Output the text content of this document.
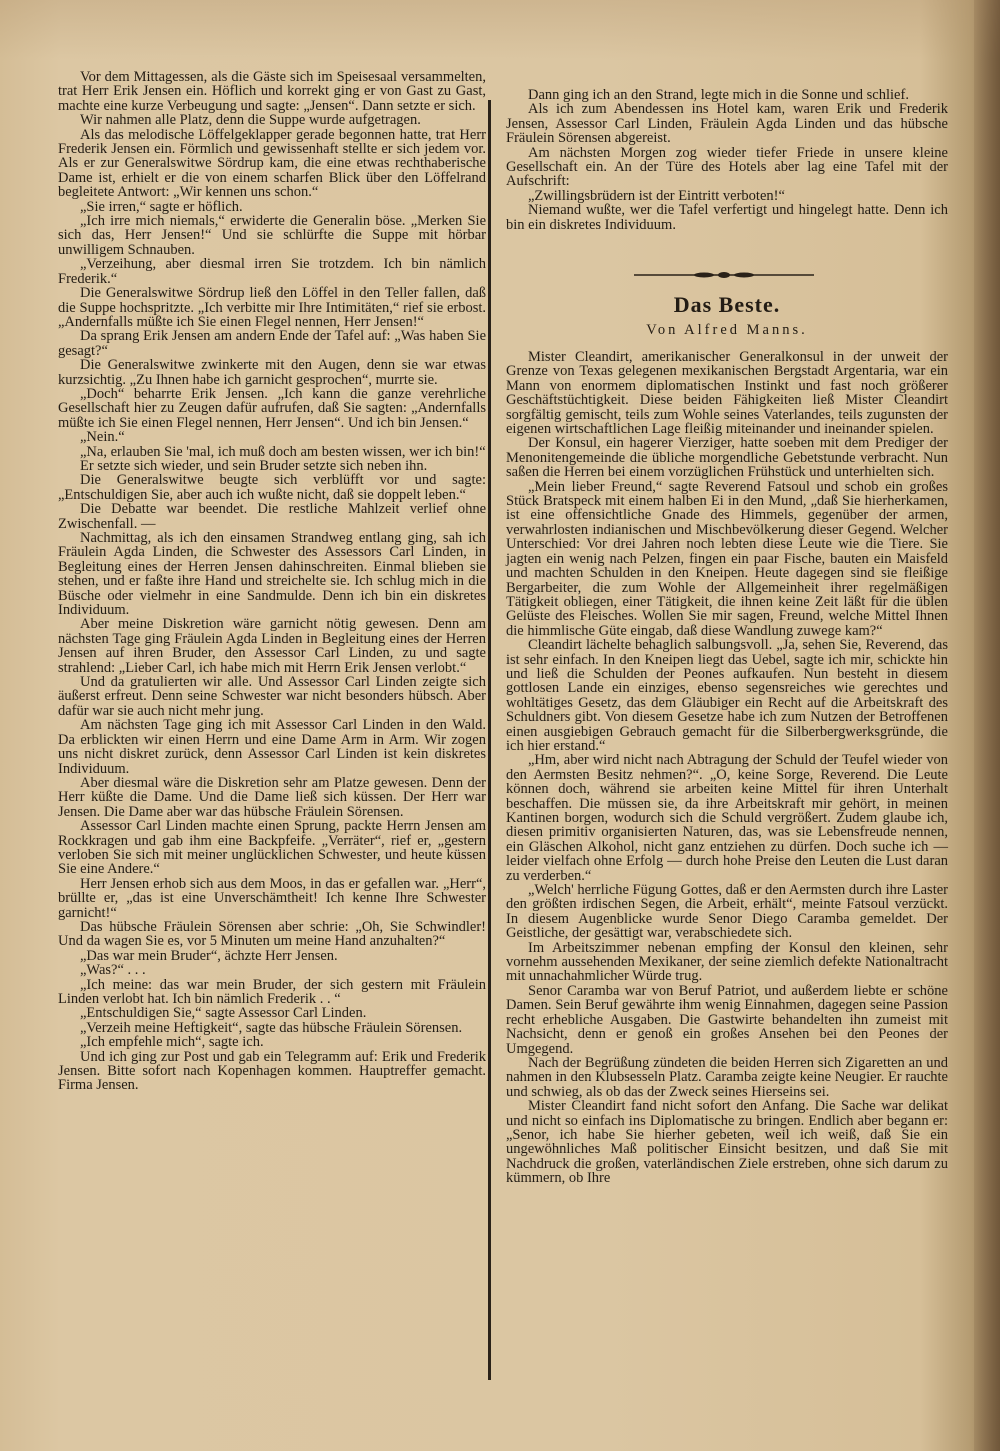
Vor dem Mittagessen, als die Gäste sich im Speisesaal versammelten, trat Herr Erik Jensen ein. Höflich und korrekt ging er von Gast zu Gast, machte eine kurze Verbeugung und sagte: „Jensen“. Dann setzte er sich.

Wir nahmen alle Platz, denn die Suppe wurde aufgetragen.

Als das melodische Löffelgeklapper gerade begonnen hatte, trat Herr Frederik Jensen ein. Förmlich und gewissenhaft stellte er sich jedem vor. Als er zur Generalswitwe Sördrup kam, die eine etwas rechthaberische Dame ist, erhielt er die von einem scharfen Blick über den Löffelrand begleitete Antwort: „Wir kennen uns schon.“

„Sie irren,“ sagte er höflich.

„Ich irre mich niemals,“ erwiderte die Generalin böse. „Merken Sie sich das, Herr Jensen!“ Und sie schlürfte die Suppe mit hörbar unwilligem Schnauben.

„Verzeihung, aber diesmal irren Sie trotzdem. Ich bin nämlich Frederik.“

Die Generalswitwe Sördrup ließ den Löffel in den Teller fallen, daß die Suppe hochspritzte. „Ich verbitte mir Ihre Intimitäten,“ rief sie erbost. „Andernfalls müßte ich Sie einen Flegel nennen, Herr Jensen!“

Da sprang Erik Jensen am andern Ende der Tafel auf: „Was haben Sie gesagt?“

Die Generalswitwe zwinkerte mit den Augen, denn sie war etwas kurzsichtig. „Zu Ihnen habe ich garnicht gesprochen“, murrte sie.

„Doch“ beharrte Erik Jensen. „Ich kann die ganze verehrliche Gesellschaft hier zu Zeugen dafür aufrufen, daß Sie sagten: „Andernfalls müßte ich Sie einen Flegel nennen, Herr Jensen“. Und ich bin Jensen.“

„Nein.“

„Na, erlauben Sie 'mal, ich muß doch am besten wissen, wer ich bin!“

Er setzte sich wieder, und sein Bruder setzte sich neben ihn.

Die Generalswitwe beugte sich verblüfft vor und sagte: „Entschuldigen Sie, aber auch ich wußte nicht, daß sie doppelt leben.“

Die Debatte war beendet. Die restliche Mahlzeit verlief ohne Zwischenfall. —

Nachmittag, als ich den einsamen Strandweg entlang ging, sah ich Fräulein Agda Linden, die Schwester des Assessors Carl Linden, in Begleitung eines der Herren Jensen dahinschreiten. Einmal blieben sie stehen, und er faßte ihre Hand und streichelte sie. Ich schlug mich in die Büsche oder vielmehr in eine Sandmulde. Denn ich bin ein diskretes Individuum.

Aber meine Diskretion wäre garnicht nötig gewesen. Denn am nächsten Tage ging Fräulein Agda Linden in Begleitung eines der Herren Jensen auf ihren Bruder, den Assessor Carl Linden, zu und sagte strahlend: „Lieber Carl, ich habe mich mit Herrn Erik Jensen verlobt.“

Und da gratulierten wir alle. Und Assessor Carl Linden zeigte sich äußerst erfreut. Denn seine Schwester war nicht besonders hübsch. Aber dafür war sie auch nicht mehr jung.

Am nächsten Tage ging ich mit Assessor Carl Linden in den Wald. Da erblickten wir einen Herrn und eine Dame Arm in Arm. Wir zogen uns nicht diskret zurück, denn Assessor Carl Linden ist kein diskretes Individuum.

Aber diesmal wäre die Diskretion sehr am Platze gewesen. Denn der Herr küßte die Dame. Und die Dame ließ sich küssen. Der Herr war Jensen. Die Dame aber war das hübsche Fräulein Sörensen.

Assessor Carl Linden machte einen Sprung, packte Herrn Jensen am Rockkragen und gab ihm eine Backpfeife. „Verräter“, rief er, „gestern verloben Sie sich mit meiner unglücklichen Schwester, und heute küssen Sie eine Andere.“

Herr Jensen erhob sich aus dem Moos, in das er gefallen war. „Herr“, brüllte er, „das ist eine Unverschämtheit! Ich kenne Ihre Schwester garnicht!“

Das hübsche Fräulein Sörensen aber schrie: „Oh, Sie Schwindler! Und da wagen Sie es, vor 5 Minuten um meine Hand anzuhalten?“

„Das war mein Bruder“, ächzte Herr Jensen.

„Was?“ . . .

„Ich meine: das war mein Bruder, der sich gestern mit Fräulein Linden verlobt hat. Ich bin nämlich Frederik . . “

„Entschuldigen Sie,“ sagte Assessor Carl Linden.

„Verzeih meine Heftigkeit“, sagte das hübsche Fräulein Sörensen.

„Ich empfehle mich“, sagte ich.

Und ich ging zur Post und gab ein Telegramm auf: Erik und Frederik Jensen. Bitte sofort nach Kopenhagen kommen. Hauptreffer gemacht. Firma Jensen.

Dann ging ich an den Strand, legte mich in die Sonne und schlief.

Als ich zum Abendessen ins Hotel kam, waren Erik und Frederik Jensen, Assessor Carl Linden, Fräulein Agda Linden und das hübsche Fräulein Sörensen abgereist.

Am nächsten Morgen zog wieder tiefer Friede in unsere kleine Gesellschaft ein. An der Türe des Hotels aber lag eine Tafel mit der Aufschrift:

„Zwillingsbrüdern ist der Eintritt verboten!“

Niemand wußte, wer die Tafel verfertigt und hingelegt hatte. Denn ich bin ein diskretes Individuum.

Das Beste.
Von Alfred Manns.

Mister Cleandirt, amerikanischer Generalkonsul in der unweit der Grenze von Texas gelegenen mexikanischen Bergstadt Argentaria, war ein Mann von enormem diplomatischen Instinkt und fast noch größerer Geschäftstüchtigkeit. Diese beiden Fähigkeiten ließ Mister Cleandirt sorgfältig gemischt, teils zum Wohle seines Vaterlandes, teils zugunsten der eigenen wirtschaftlichen Lage fleißig miteinander und ineinander spielen.

Der Konsul, ein hagerer Vierziger, hatte soeben mit dem Prediger der Menonitengemeinde die übliche morgendliche Gebetstunde verbracht. Nun saßen die Herren bei einem vorzüglichen Frühstück und unterhielten sich.

„Mein lieber Freund,“ sagte Reverend Fatsoul und schob ein großes Stück Bratspeck mit einem halben Ei in den Mund, „daß Sie hierherkamen, ist eine offensichtliche Gnade des Himmels, gegenüber der armen, verwahrlosten indianischen und Mischbevölkerung dieser Gegend. Welcher Unterschied: Vor drei Jahren noch lebten diese Leute wie die Tiere. Sie jagten ein wenig nach Pelzen, fingen ein paar Fische, bauten ein Maisfeld und machten Schulden in den Kneipen. Heute dagegen sind sie fleißige Bergarbeiter, die zum Wohle der Allgemeinheit ihrer regelmäßigen Tätigkeit obliegen, einer Tätigkeit, die ihnen keine Zeit läßt für die üblen Gelüste des Fleisches. Wollen Sie mir sagen, Freund, welche Mittel Ihnen die himmlische Güte eingab, daß diese Wandlung zuwege kam?“

Cleandirt lächelte behaglich salbungsvoll. „Ja, sehen Sie, Reverend, das ist sehr einfach. In den Kneipen liegt das Uebel, sagte ich mir, schickte hin und ließ die Schulden der Peones aufkaufen. Nun besteht in diesem gottlosen Lande ein einziges, ebenso segensreiches wie gerechtes und wohltätiges Gesetz, das dem Gläubiger ein Recht auf die Arbeitskraft des Schuldners gibt. Von diesem Gesetze habe ich zum Nutzen der Betroffenen einen ausgiebigen Gebrauch gemacht für die Silberbergwerksgründe, die ich hier erstand.“

„Hm, aber wird nicht nach Abtragung der Schuld der Teufel wieder von den Aermsten Besitz nehmen?“. „O, keine Sorge, Reverend. Die Leute können doch, während sie arbeiten keine Mittel für ihren Unterhalt beschaffen. Die müssen sie, da ihre Arbeitskraft mir gehört, in meinen Kantinen borgen, wodurch sich die Schuld vergrößert. Zudem glaube ich, diesen primitiv organisierten Naturen, das, was sie Lebensfreude nennen, ein Gläschen Alkohol, nicht ganz entziehen zu dürfen. Doch suche ich — leider vielfach ohne Erfolg — durch hohe Preise den Leuten die Lust daran zu verderben.“

„Welch' herrliche Fügung Gottes, daß er den Aermsten durch ihre Laster den größten irdischen Segen, die Arbeit, erhält“, meinte Fatsoul verzückt. In diesem Augenblicke wurde Senor Diego Caramba gemeldet. Der Geistliche, der gesättigt war, verabschiedete sich.

Im Arbeitszimmer nebenan empfing der Konsul den kleinen, sehr vornehm aussehenden Mexikaner, der seine ziemlich defekte Nationaltracht mit unnachahmlicher Würde trug.

Senor Caramba war von Beruf Patriot, und außerdem liebte er schöne Damen. Sein Beruf gewährte ihm wenig Einnahmen, dagegen seine Passion recht erhebliche Ausgaben. Die Gastwirte behandelten ihn zumeist mit Nachsicht, denn er genoß ein großes Ansehen bei den Peones der Umgegend.

Nach der Begrüßung zündeten die beiden Herren sich Zigaretten an und nahmen in den Klubsesseln Platz. Caramba zeigte keine Neugier. Er rauchte und schwieg, als ob das der Zweck seines Hierseins sei.

Mister Cleandirt fand nicht sofort den Anfang. Die Sache war delikat und nicht so einfach ins Diplomatische zu bringen. Endlich aber begann er: „Senor, ich habe Sie hierher gebeten, weil ich weiß, daß Sie ein ungewöhnliches Maß politischer Einsicht besitzen, und daß Sie mit Nachdruck die großen, vaterländischen Ziele erstreben, ohne sich darum zu kümmern, ob Ihre
